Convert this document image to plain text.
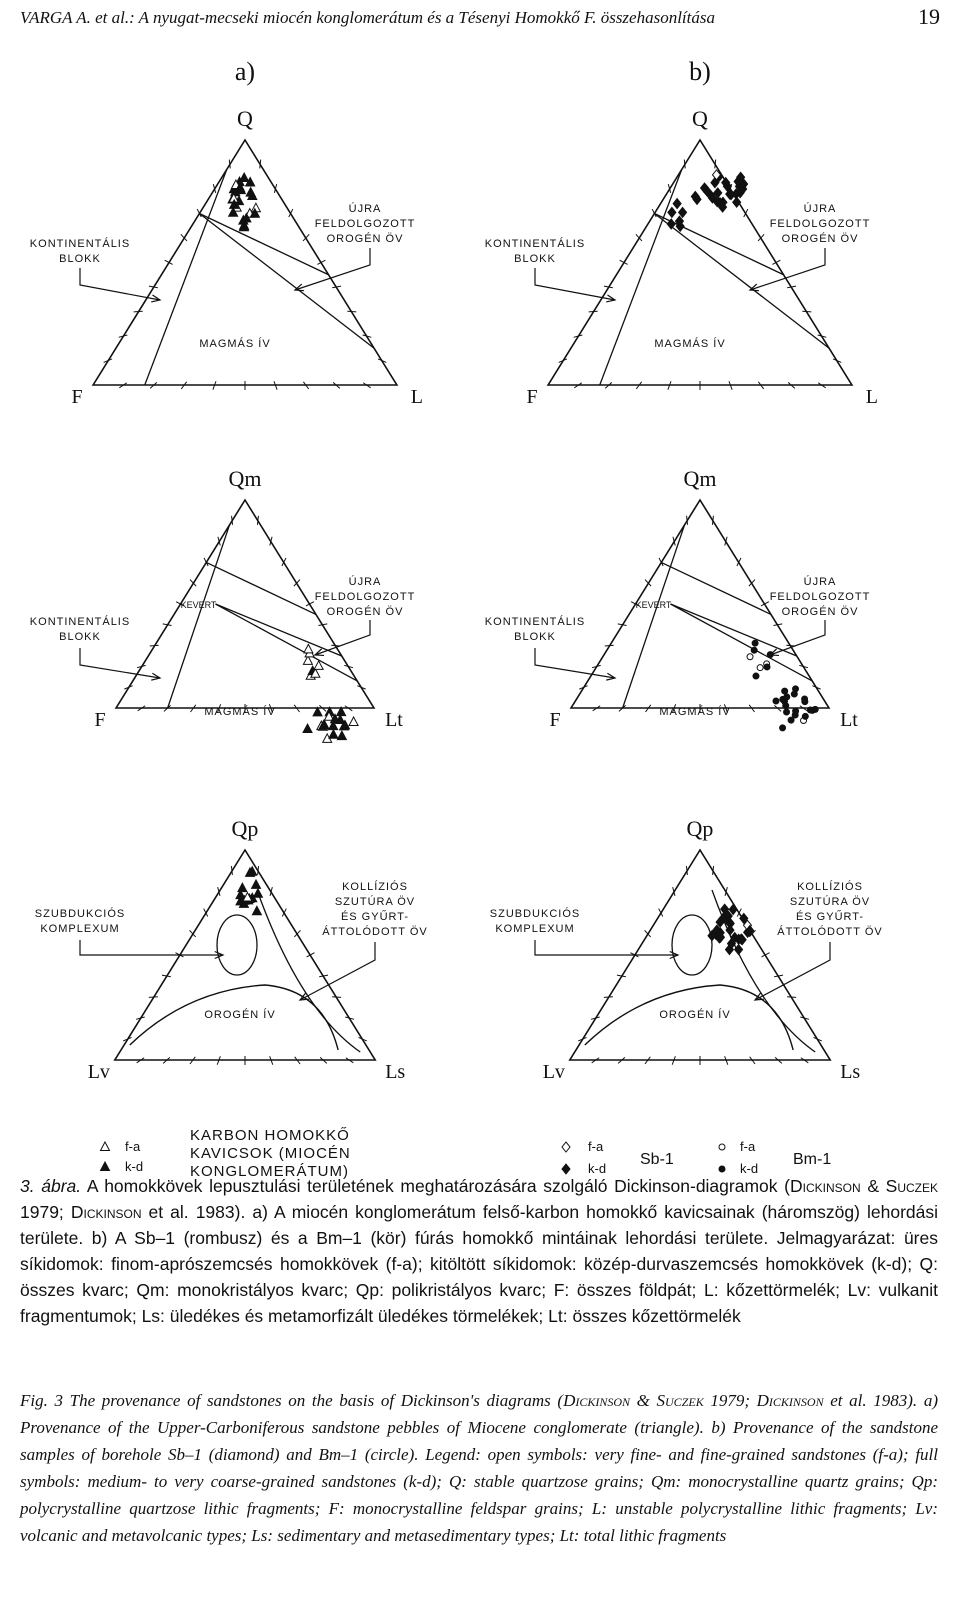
VARGA A. et al.: A nyugat-mecseki miocén konglomerátum és a Tésenyi Homokkő F. összehasonlítása	19
a)	b)
Q
F	L
KONTINENTÁLIS
BLOKK
ÚJRA
FELDOLGOZOTT
OROGÉN ÖV
MAGMÁS ÍV
Qm
F	Lt
KONTINENTÁLIS
BLOKK
ÚJRA
FELDOLGOZOTT
OROGÉN ÖV
KEVERT
MAGMÁS ÍV
Qp
Lv	Ls
SZUBDUKCIÓS
KOMPLEXUM
KOLLÍZIÓS
SZUTÚRA ÖV
ÉS GYŰRT-
ÁTTOLÓDOTT ÖV
OROGÉN ÍV
Q
F	L
KONTINENTÁLIS
BLOKK
ÚJRA
FELDOLGOZOTT
OROGÉN ÖV
MAGMÁS ÍV
Qm
F	Lt
KONTINENTÁLIS
BLOKK
ÚJRA
FELDOLGOZOTT
OROGÉN ÖV
KEVERT
MAGMÁS ÍV
Qp
Lv	Ls
SZUBDUKCIÓS
KOMPLEXUM
KOLLÍZIÓS
SZUTÚRA ÖV
ÉS GYŰRT-
ÁTTOLÓDOTT ÖV
OROGÉN ÍV
f-a
k-d
KARBON HOMOKKŐ
KAVICSOK (MIOCÉN
KONGLOMERÁTUM)
f-a
k-d
Sb-1
f-a
k-d
Bm-1
3. ábra. A homokkövek lepusztulási területének meghatározására szolgáló Dickinson-diagramok (Dickinson & Suczek 1979; Dickinson et al. 1983). a) A miocén konglomerátum felső-karbon homokkő kavicsainak (háromszög) lehordási területe. b) A Sb–1 (rombusz) és a Bm–1 (kör) fúrás homokkő mintáinak lehordási területe. Jelmagyarázat: üres síkidomok: finom-aprószemcsés homokkövek (f-a); kitöltött síkidomok: közép-durvaszemcsés homokkövek (k-d); Q: összes kvarc; Qm: monokristályos kvarc; Qp: polikristályos kvarc; F: összes földpát; L: kőzettörmelék; Lv: vulkanit fragmentumok; Ls: üledékes és metamorfizált üledékes törmelékek; Lt: összes kőzettörmelék
Fig. 3 The provenance of sandstones on the basis of Dickinson's diagrams (Dickinson & Suczek 1979; Dickinson et al. 1983). a) Provenance of the Upper-Carboniferous sandstone pebbles of Miocene conglomerate (triangle). b) Provenance of the sandstone samples of borehole Sb–1 (diamond) and Bm–1 (circle). Legend: open symbols: very fine- and fine-grained sandstones (f-a); full symbols: medium- to very coarse-grained sandstones (k-d); Q: stable quartzose grains; Qm: monocrystalline quartz grains; Qp: polycrystalline quartzose lithic fragments; F: monocrystalline feldspar grains; L: unstable polycrystalline lithic fragments; Lv: volcanic and metavolcanic types; Ls: sedimentary and metasedimentary types; Lt: total lithic fragments
